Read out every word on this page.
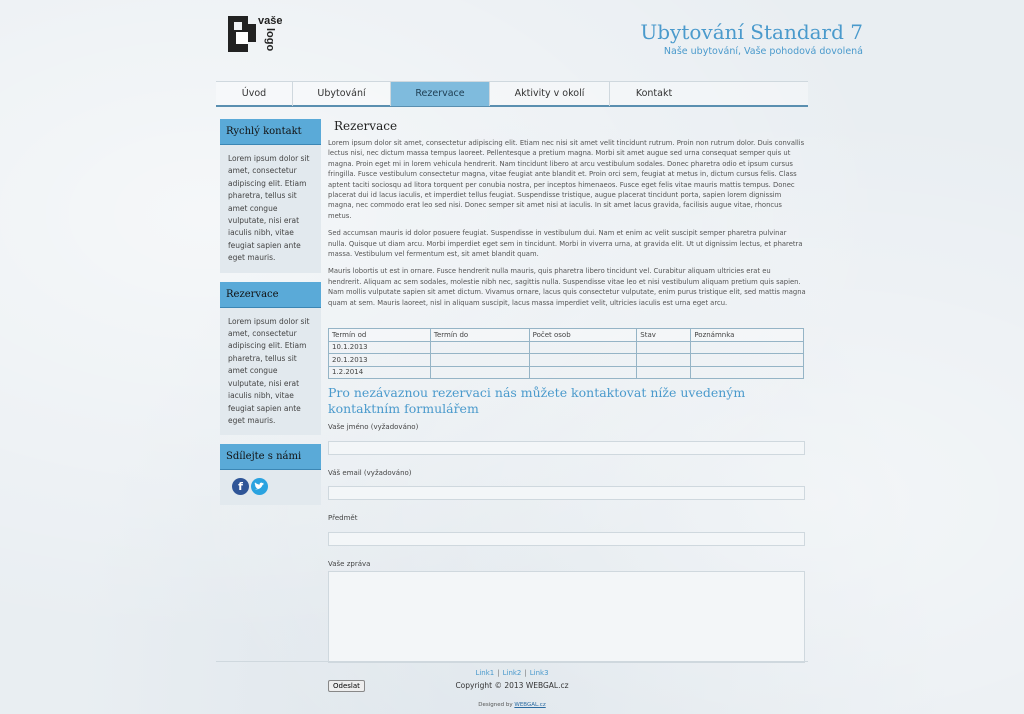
vaše
logo	Ubytování Standard 7
Naše ubytování, Vaše pohodová dovolená
Úvod	Ubytování	Rezervace	Aktivity v okolí	Kontakt
Rychlý kontakt
Lorem ipsum dolor sit amet, consectetur adipiscing elit. Etiam pharetra, tellus sit amet congue vulputate, nisi erat iaculis nibh, vitae feugiat sapien ante eget mauris.
Rezervace
Lorem ipsum dolor sit amet, consectetur adipiscing elit. Etiam pharetra, tellus sit amet congue vulputate, nisi erat iaculis nibh, vitae feugiat sapien ante eget mauris.
Sdílejte s námi
f
Rezervace

Lorem ipsum dolor sit amet, consectetur adipiscing elit. Etiam nec nisi sit amet velit tincidunt rutrum. Proin non rutrum dolor. Duis convallis lectus nisi, nec dictum massa tempus laoreet. Pellentesque a pretium magna. Morbi sit amet augue sed urna consequat semper quis ut magna. Proin eget mi in lorem vehicula hendrerit. Nam tincidunt libero at arcu vestibulum sodales. Donec pharetra odio et ipsum cursus fringilla. Fusce vestibulum consectetur magna, vitae feugiat ante blandit et. Proin orci sem, feugiat at metus in, dictum cursus felis. Class aptent taciti sociosqu ad litora torquent per conubia nostra, per inceptos himenaeos. Fusce eget felis vitae mauris mattis tempus. Donec placerat dui id lacus iaculis, et imperdiet tellus feugiat. Suspendisse tristique, augue placerat tincidunt porta, sapien lorem dignissim magna, nec commodo erat leo sed nisi. Donec semper sit amet nisi at iaculis. In sit amet lacus gravida, facilisis augue vitae, rhoncus metus.

Sed accumsan mauris id dolor posuere feugiat. Suspendisse in vestibulum dui. Nam et enim ac velit suscipit semper pharetra pulvinar nulla. Quisque ut diam arcu. Morbi imperdiet eget sem in tincidunt. Morbi in viverra urna, at gravida elit. Ut ut dignissim lectus, et pharetra massa. Vestibulum vel fermentum est, sit amet blandit quam.

Mauris lobortis ut est in ornare. Fusce hendrerit nulla mauris, quis pharetra libero tincidunt vel. Curabitur aliquam ultricies erat eu hendrerit. Aliquam ac sem sodales, molestie nibh nec, sagittis nulla. Suspendisse vitae leo et nisi vestibulum aliquam pretium quis sapien. Nam mollis vulputate sapien sit amet dictum. Vivamus ornare, lacus quis consectetur vulputate, enim purus tristique elit, sed mattis magna quam at sem. Mauris laoreet, nisl in aliquam suscipit, lacus massa imperdiet velit, ultricies iaculis est urna eget arcu.

Termín od	Termín do	Počet osob	Stav	Poznámnka
10.1.2013				
20.1.2013				
1.2.2014				
Pro nezávaznou rezervaci nás můžete kontaktovat níže uvedeným kontaktním formulářem
Vaše jméno (vyžadováno)
Váš email (vyžadováno)
Předmět
Vaše zpráva
Odeslat
Link1 | Link2 | Link3
Copyright © 2013 WEBGAL.cz
Designed by WEBGAL.cz
